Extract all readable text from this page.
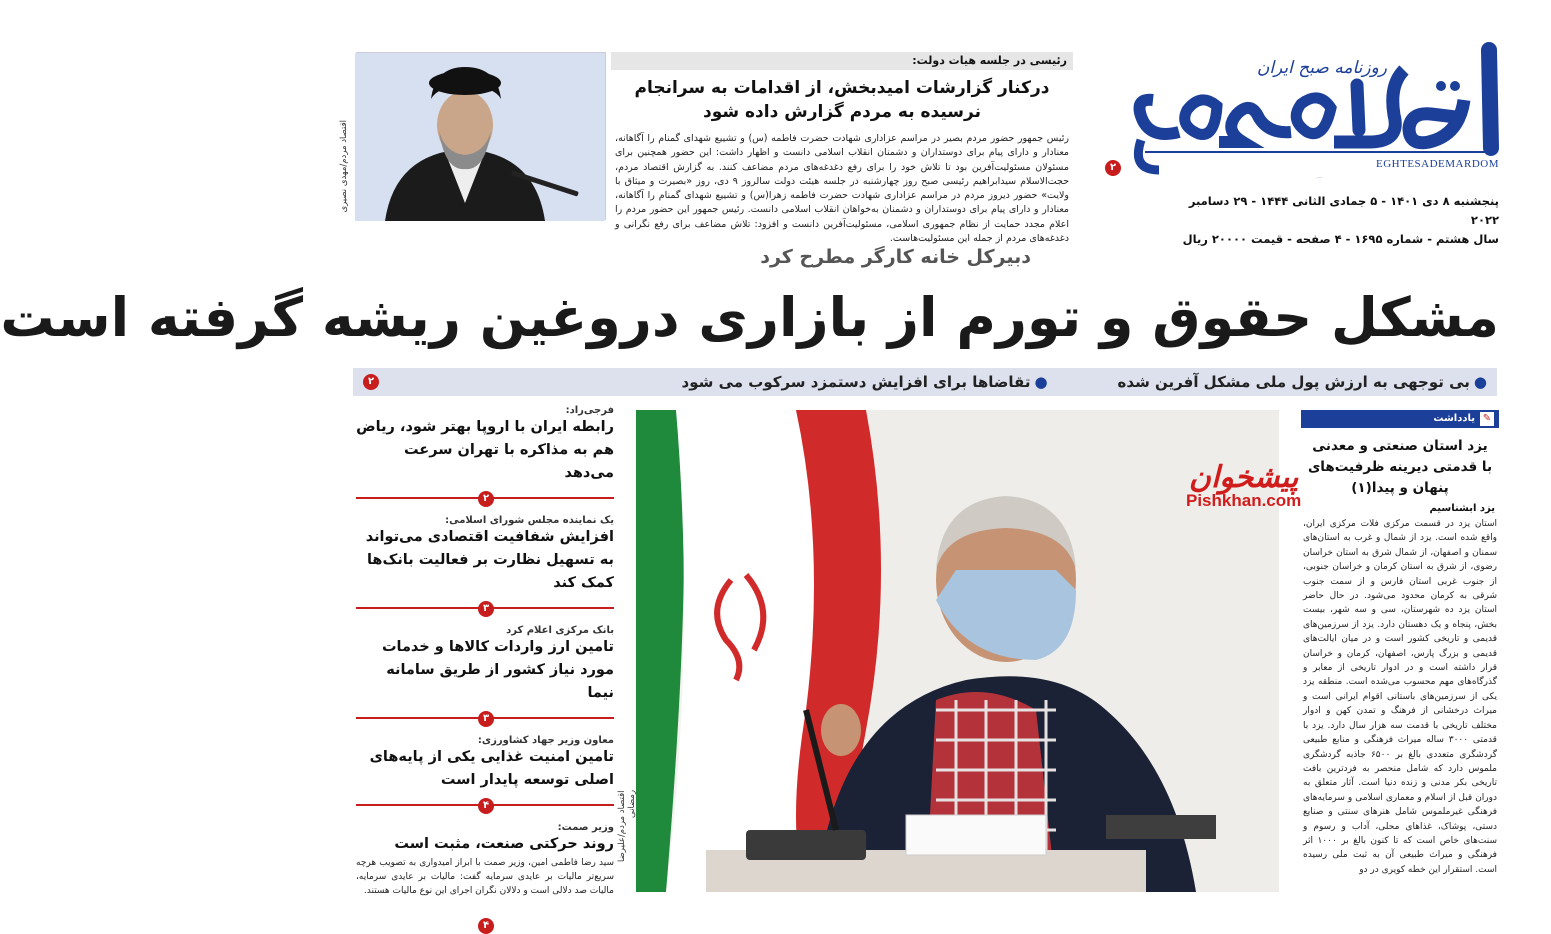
اقتصاد مردم
روزنامه صبح ایران
EGHTESADEMARDOM
پنجشنبه ۸ دی ۱۴۰۱ - ۵ جمادی الثانی ۱۴۴۴ - ۲۹ دسامبر ۲۰۲۲
سال هشتم - شماره ۱۶۹۵ - ۴ صفحه - قیمت ۲۰۰۰۰ ریال
رئیسی در جلسه هیات دولت:
درکنار گزارشات امیدبخش، از اقدامات به سرانجام نرسیده به مردم گزارش داده شود
رئیس جمهور حضور مردم بصیر در مراسم عزاداری شهادت حضرت فاطمه (س) و تشییع شهدای گمنام را آگاهانه، معنادار و دارای پیام برای دوستداران و دشمنان انقلاب اسلامی دانست و اظهار داشت: این حضور همچنین برای مسئولان مسئولیت‌آفرین بود تا تلاش خود را برای رفع دغدغه‌های مردم مضاعف کنند. به گزارش اقتصاد مردم، حجت‌الاسلام سیدابراهیم رئیسی صبح روز چهارشنبه در جلسه هیئت دولت سالروز ۹ دی، روز «بصیرت و میثاق با ولایت» حضور دیروز مردم در مراسم عزاداری شهادت حضرت فاطمه زهرا(س) و تشییع شهدای گمنام را آگاهانه، معنادار و دارای پیام برای دوستداران و دشمنان به‌خواهان انقلاب اسلامی دانست. رئیس جمهور این حضور مردم را اعلام مجدد حمایت از نظام جمهوری اسلامی، مسئولیت‌آفرین دانست و افزود: تلاش مضاعف برای رفع نگرانی و دغدغه‌های مردم از جمله این مسئولیت‌هاست.
۲
اقتصاد مردم/مهدی نصیری
دبیرکل خانه کارگر مطرح کرد
مشکل حقوق و تورم از بازاری دروغین ریشه گرفته است
●بی توجهی به ارزش پول ملی مشکل آفرین شده
●تقاضاها برای افزایش دستمزد سرکوب می شود
۲
✎
یادداشت
یزد استان صنعتی و معدنی با قدمتی دیرینه ظرفیت‌های پنهان و پیدا(۱)
یزد ابشناسیم
استان یزد در قسمت مرکزی فلات مرکزی ایران، واقع شده است. یزد از شمال و غرب به استان‌های سمنان و اصفهان، از شمال شرق به استان خراسان رضوی، از شرق به استان کرمان و خراسان جنوبی، از جنوب غربی استان فارس و از سمت جنوب شرقی به کرمان محدود می‌شود. در حال حاضر استان یزد ده شهرستان، سی و سه شهر، بیست بخش، پنجاه و یک دهستان دارد. یزد از سرزمین‌های قدیمی و تاریخی کشور است و در میان ایالت‌های قدیمی و بزرگ پارس، اصفهان، کرمان و خراسان قرار داشته است و در ادوار تاریخی از معابر و گذرگاه‌های مهم محسوب می‌شده است. منطقه یزد یکی از سرزمین‌های باستانی اقوام ایرانی است و میراث درخشانی از فرهنگ و تمدن کهن و ادوار مختلف تاریخی با قدمت سه هزار سال دارد. یزد با قدمتی ۳۰۰۰ ساله میراث فرهنگی و منابع طبیعی گردشگری متعددی بالغ بر ۶۵۰۰ جاذبه گردشگری ملموس دارد که شامل منحصر به فردترین بافت تاریخی بکر مدنی و زنده دنیا است. آثار متعلق به دوران قبل از اسلام و معماری اسلامی و سرمایه‌های فرهنگی غیرملموس شامل هنرهای سنتی و صنایع دستی، پوشاک، غذاهای محلی، آداب و رسوم و سنت‌های خاص است که تا کنون بالغ بر ۱۰۰۰ اثر فرهنگی و میراث طبیعی آن به ثبت ملی رسیده است. استقرار این خطه کویری در دو
اقتصاد مردم/علیرضا رمضانی
پیشخوان
Pishkhan.com
فرجی‌راد:
رابطه ایران با اروپا بهتر شود، ریاض هم به مذاکره با تهران سرعت می‌دهد
۲
یک نماینده مجلس شورای اسلامی:
افزایش شفافیت اقتصادی می‌تواند به تسهیل نظارت بر فعالیت بانک‌ها کمک کند
۳
بانک مرکزی اعلام کرد
تامین ارز واردات کالاها و خدمات مورد نیاز کشور از طریق سامانه نیما
۳
معاون وزیر جهاد کشاورزی:
تامین امنیت غذایی یکی از پایه‌های اصلی توسعه پایدار است
۴
وزیر صمت:
روند حرکتی صنعت، مثبت است
سید رضا فاطمی امین، وزیر صمت با ابراز امیدواری به تصویب هرچه سریع‌تر مالیات بر عایدی سرمایه گفت: مالیات بر عایدی سرمایه، مالیات صد دلالی است و دلالان نگران اجرای این نوع مالیات هستند.
۴
